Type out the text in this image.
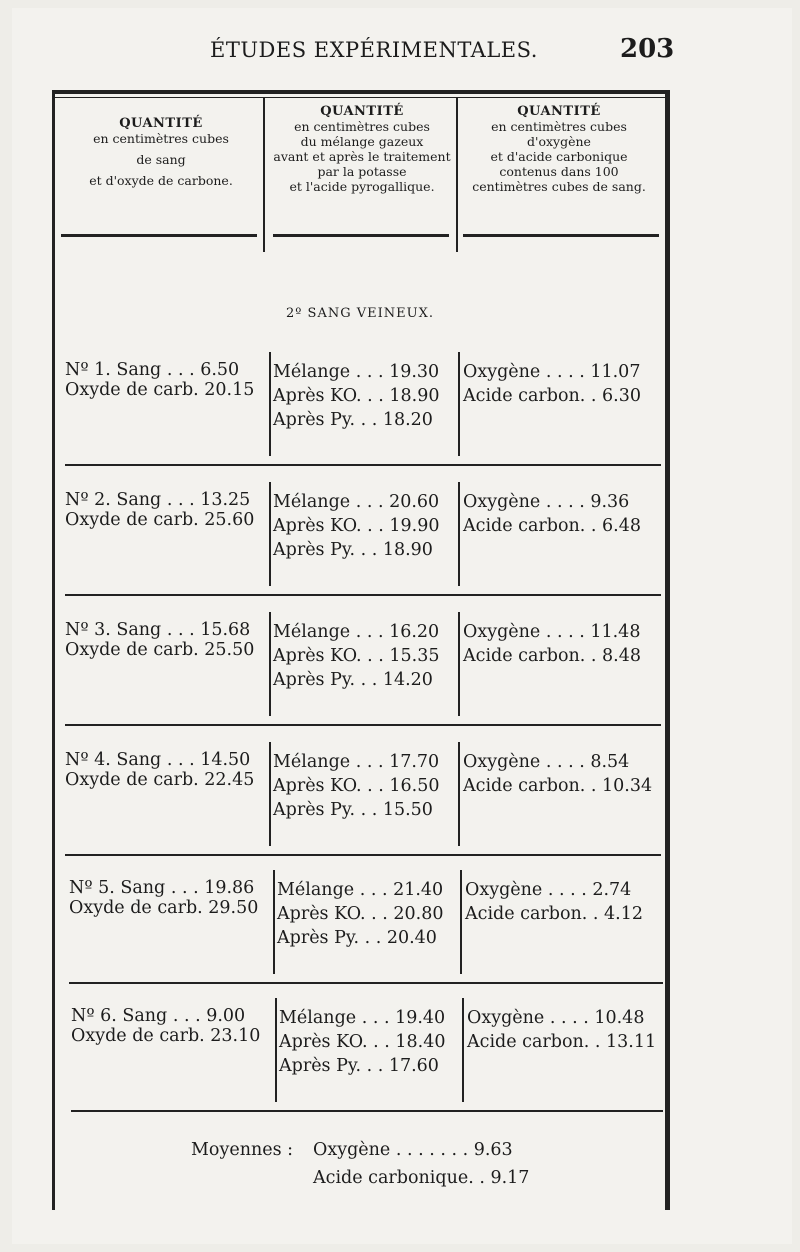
ÉTUDES EXPÉRIMENTALES.	203
QUANTITÉ
en centimètres cubes
de sang
et d'oxyde de carbone.
QUANTITÉ
en centimètres cubes
du mélange gazeux
avant et après le traitement
par la potasse
et l'acide pyrogallique.
QUANTITÉ
en centimètres cubes
d'oxygène
et d'acide carbonique
contenus dans 100
centimètres cubes de sang.
2º SANG VEINEUX.
Nº 1. Sang . . . 6.50
Oxyde de carb. 20.15
Mélange . . . 19.30
Après KO. . . 18.90
Après Py. . . 18.20
Oxygène . . . . 11.07
Acide carbon. . 6.30
Nº 2. Sang . . . 13.25
Oxyde de carb. 25.60
Mélange . . . 20.60
Après KO. . . 19.90
Après Py. . . 18.90
Oxygène . . . . 9.36
Acide carbon. . 6.48
Nº 3. Sang . . . 15.68
Oxyde de carb. 25.50
Mélange . . . 16.20
Après KO. . . 15.35
Après Py. . . 14.20
Oxygène . . . . 11.48
Acide carbon. . 8.48
Nº 4. Sang . . . 14.50
Oxyde de carb. 22.45
Mélange . . . 17.70
Après KO. . . 16.50
Après Py. . . 15.50
Oxygène . . . . 8.54
Acide carbon. . 10.34
Nº 5. Sang . . . 19.86
Oxyde de carb. 29.50
Mélange . . . 21.40
Après KO. . . 20.80
Après Py. . . 20.40
Oxygène . . . . 2.74
Acide carbon. . 4.12
Nº 6. Sang . . . 9.00
Oxyde de carb. 23.10
Mélange . . . 19.40
Après KO. . . 18.40
Après Py. . . 17.60
Oxygène . . . . 10.48
Acide carbon. . 13.11
Moyennes : Oxygène . . . . . . . 9.63
Acide carbonique. . 9.17
